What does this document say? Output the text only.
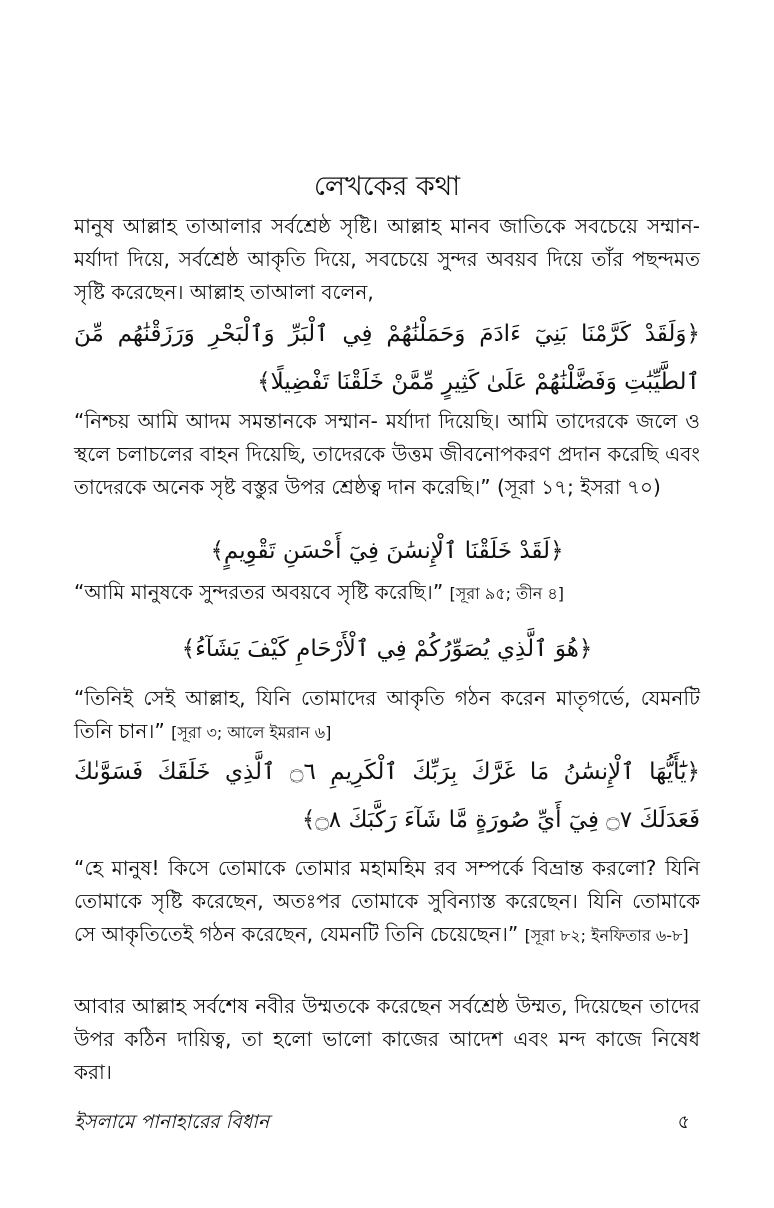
লেখকের কথা

মানুষ আল্লাহ তাআলার সর্বশ্রেষ্ঠ সৃষ্টি। আল্লাহ মানব জাতিকে সবচেয়ে সম্মান-মর্যাদা দিয়ে, সর্বশ্রেষ্ঠ আকৃতি দিয়ে, সবচেয়ে সুন্দর অবয়ব দিয়ে তাঁর পছন্দমত সৃষ্টি করেছেন। আল্লাহ তাআলা বলেন,

﴿وَلَقَدْ كَرَّمْنَا بَنِيٓ ءَادَمَ وَحَمَلْنَٰهُمْ فِي ٱلْبَرِّ وَٱلْبَحْرِ وَرَزَقْنَٰهُم مِّنَ ٱلطَّيِّبَٰتِ وَفَضَّلْنَٰهُمْ عَلَىٰ كَثِيرٍ مِّمَّنْ خَلَقْنَا تَفْضِيلًا﴾

“নিশ্চয় আমি আদম সমন্তানকে সম্মান- মর্যাদা দিয়েছি। আমি তাদেরকে জলে ও স্থলে চলাচলের বাহন দিয়েছি, তাদেরকে উত্তম জীবনোপকরণ প্রদান করেছি এবং তাদেরকে অনেক সৃষ্ট বস্তুর উপর শ্রেষ্ঠত্ব দান করেছি।” (সূরা ১৭; ইসরা ৭০)

﴿لَقَدْ خَلَقْنَا ٱلْإِنسَٰنَ فِيٓ أَحْسَنِ تَقْوِيمٍ﴾

“আমি মানুষকে সুন্দরতর অবয়বে সৃষ্টি করেছি।” [সূরা ৯৫; তীন ৪]

﴿هُوَ ٱلَّذِي يُصَوِّرُكُمْ فِي ٱلْأَرْحَامِ كَيْفَ يَشَآءُ﴾

“তিনিই সেই আল্লাহ, যিনি তোমাদের আকৃতি গঠন করেন মাতৃগর্ভে, যেমনটি তিনি চান।” [সূরা ৩; আলে ইমরান ৬]

﴿يَٰٓأَيُّهَا ٱلْإِنسَٰنُ مَا غَرَّكَ بِرَبِّكَ ٱلْكَرِيمِ ۝٦ ٱلَّذِي خَلَقَكَ فَسَوَّىٰكَ فَعَدَلَكَ ۝٧ فِيٓ أَيِّ صُورَةٍ مَّا شَآءَ رَكَّبَكَ ۝٨﴾

“হে মানুষ! কিসে তোমাকে তোমার মহামহিম রব সম্পর্কে বিভ্রান্ত করলো? যিনি তোমাকে সৃষ্টি করেছেন, অতঃপর তোমাকে সুবিন্যাস্ত করেছেন। যিনি তোমাকে সে আকৃতিতেই গঠন করেছেন, যেমনটি তিনি চেয়েছেন।” [সূরা ৮২; ইনফিতার ৬-৮]

আবার আল্লাহ সর্বশেষ নবীর উম্মতকে করেছেন সর্বশ্রেষ্ঠ উম্মত, দিয়েছেন তাদের উপর কঠিন দায়িত্ব, তা হলো ভালো কাজের আদেশ এবং মন্দ কাজে নিষেধ করা।

ইসলামে পানাহারের বিধান	৫
